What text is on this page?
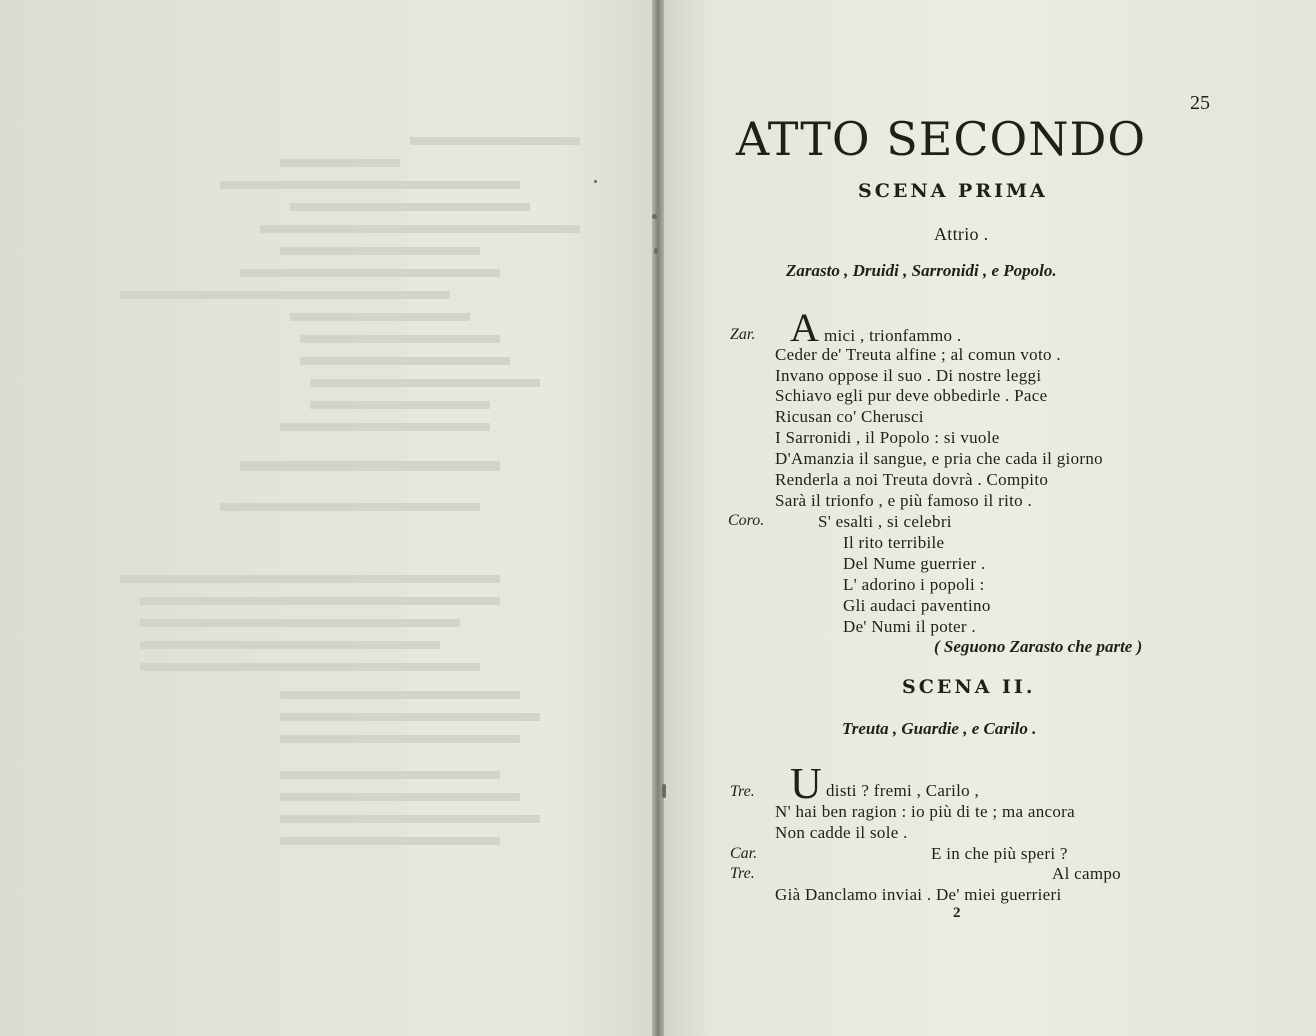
25
ATTO SECONDO
SCENA PRIMA
Attrio .
Zarasto , Druidi , Sarronidi , e Popolo.
Zar. A mici , trionfammo .
Ceder de' Treuta alfine ; al comun voto .
Invano oppose il suo . Di nostre leggi
Schiavo egli pur deve obbedirle . Pace
Ricusan co' Cherusci
I Sarronidi , il Popolo : si vuole
D'Amanzia il sangue, e pria che cada il giorno
Renderla a noi Treuta dovrà . Compito
Sarà il trionfo , e più famoso il rito .
Coro.	S' esalti , si celebri
Il rito terribile
Del Nume guerrier .
L' adorino i popoli :
Gli audaci paventino
De' Numi il poter .
( Seguono Zarasto che parte )
SCENA II.
Treuta , Guardie , e Carilo .
Tre. U disti ? fremi , Carilo ,
N' hai ben ragion : io più di te ; ma ancora
Non cadde il sole .
Car.	E in che più speri ?
Tre.	Al campo
Già Danclamo inviai . De' miei guerrieri
2
